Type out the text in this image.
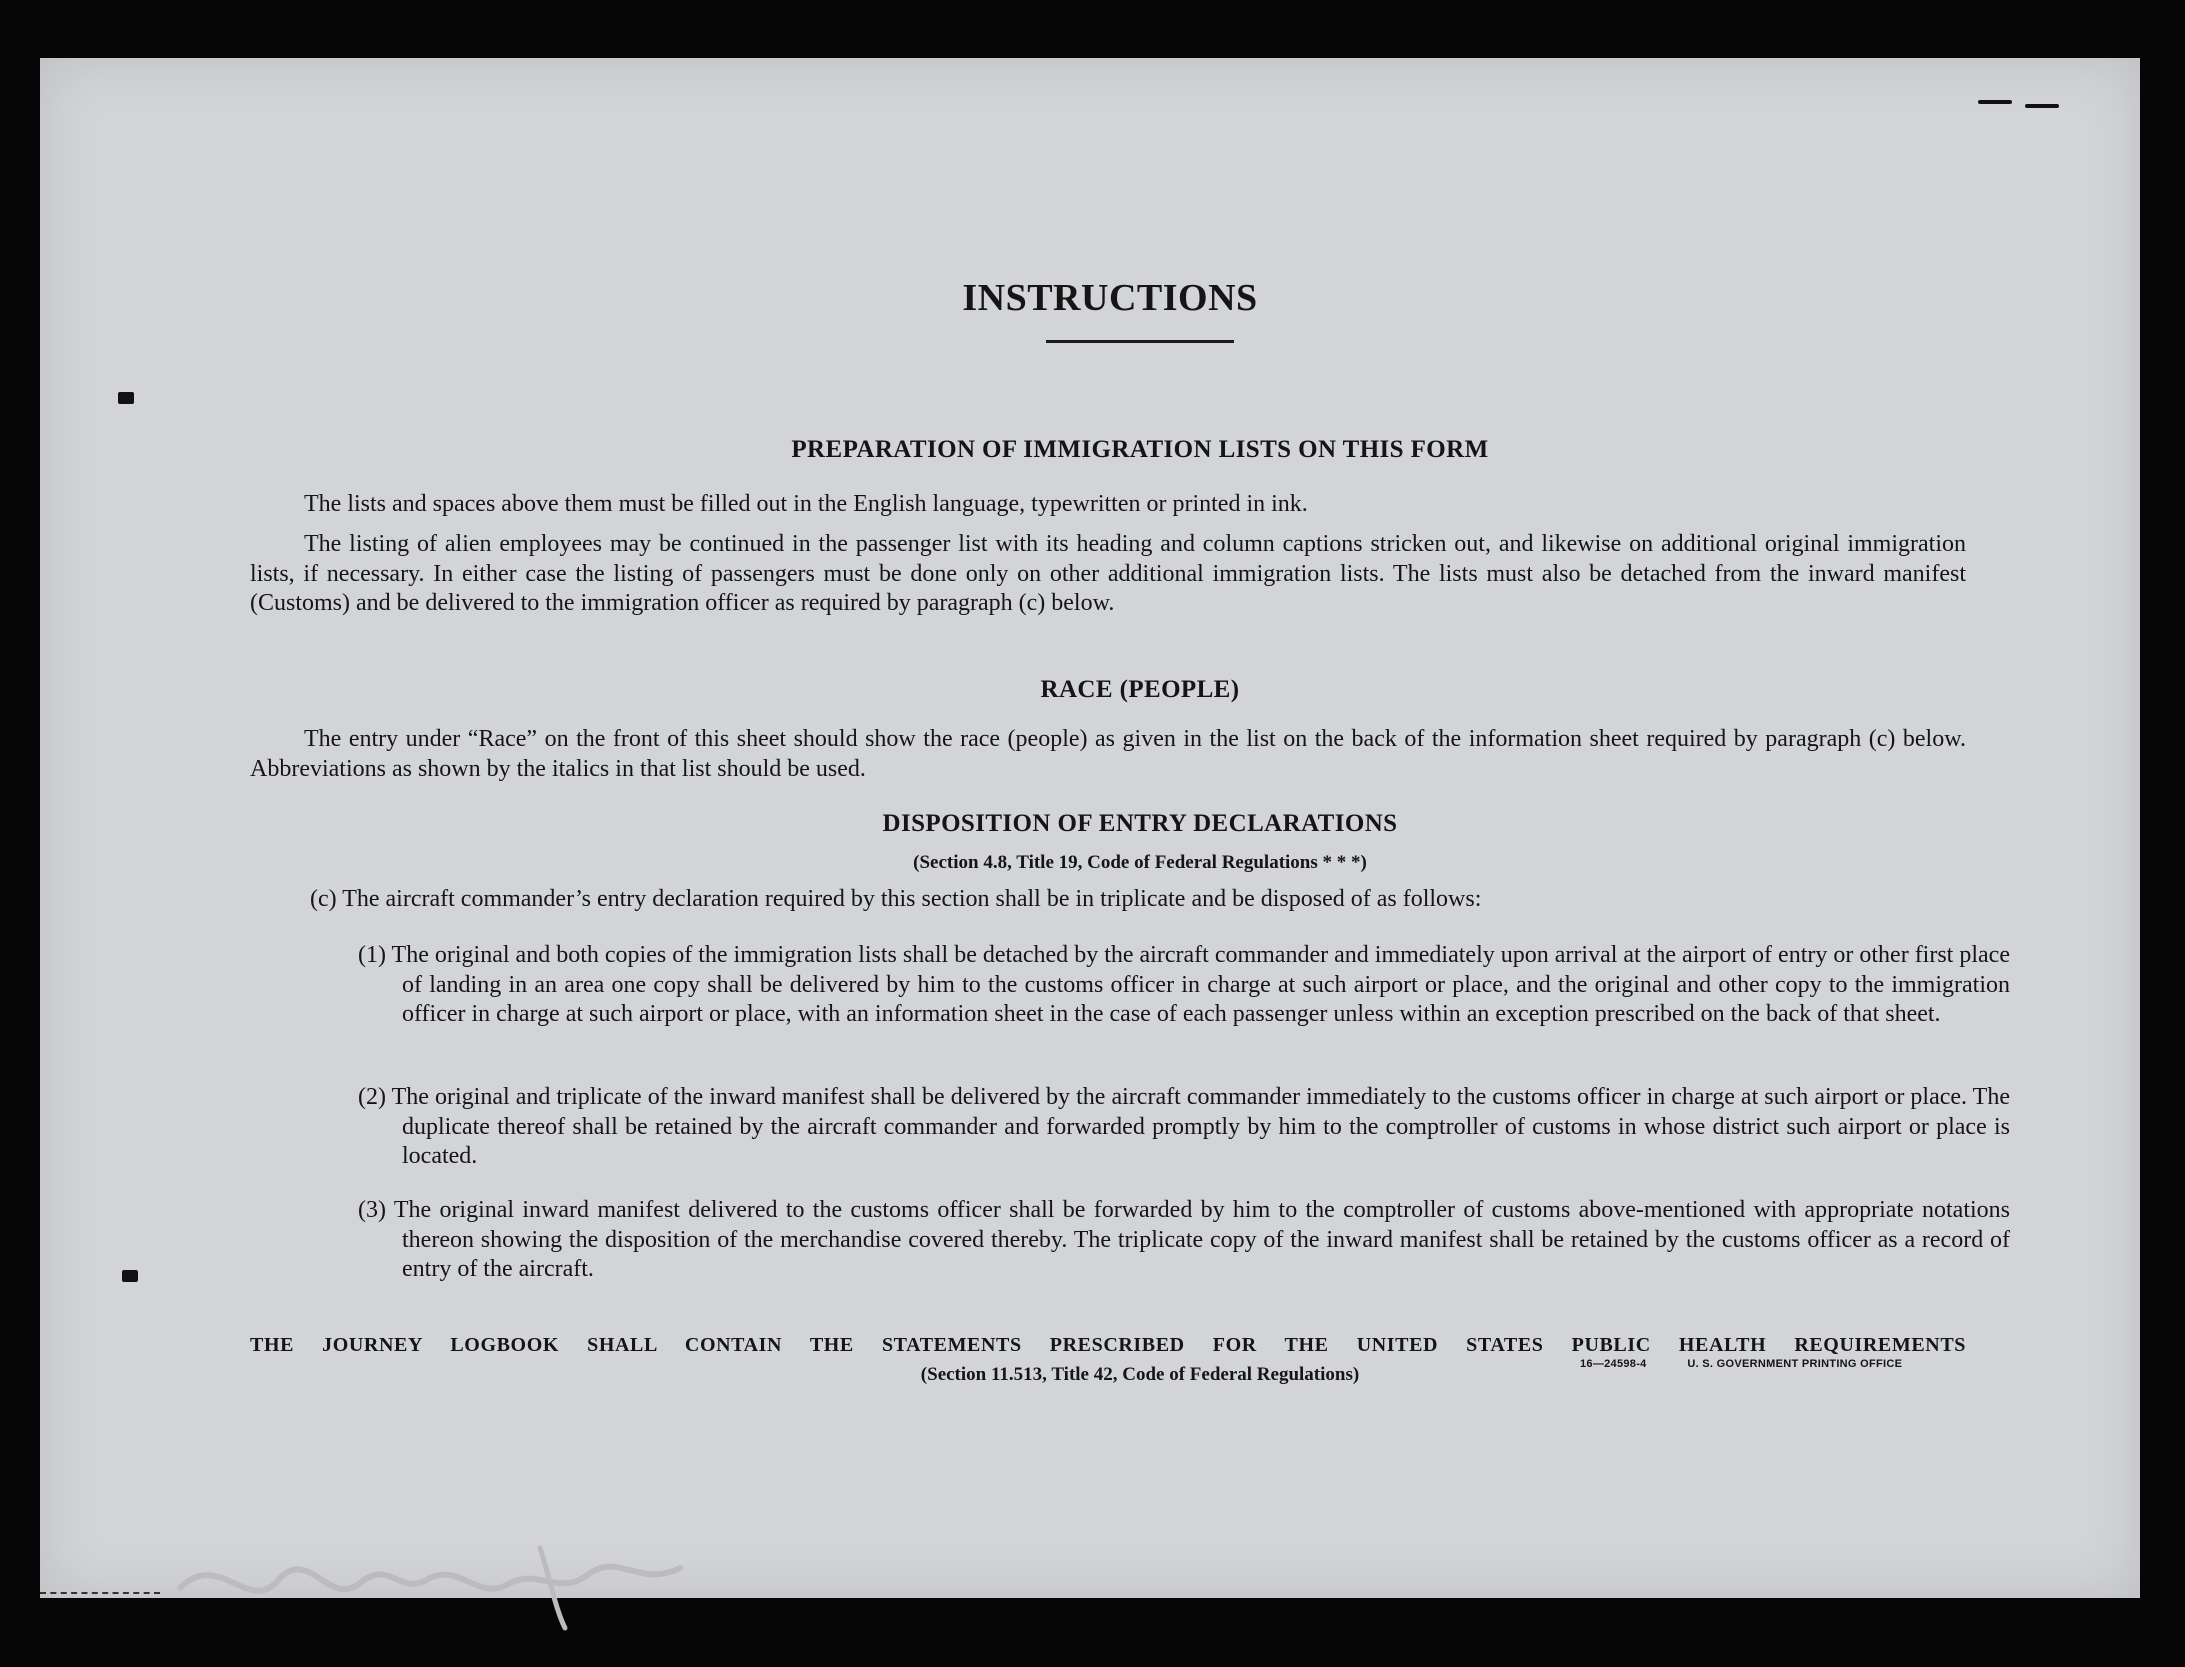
INSTRUCTIONS
PREPARATION OF IMMIGRATION LISTS ON THIS FORM
The lists and spaces above them must be filled out in the English language, typewritten or printed in ink.
The listing of alien employees may be continued in the passenger list with its heading and column captions stricken out, and likewise on additional original immigration lists, if necessary. In either case the listing of passengers must be done only on other additional immigration lists. The lists must also be detached from the inward manifest (Customs) and be delivered to the immigration officer as required by paragraph (c) below.
RACE (PEOPLE)
The entry under “Race” on the front of this sheet should show the race (people) as given in the list on the back of the information sheet required by paragraph (c) below. Abbreviations as shown by the italics in that list should be used.
DISPOSITION OF ENTRY DECLARATIONS
(Section 4.8, Title 19, Code of Federal Regulations * * *)
(c) The aircraft commander’s entry declaration required by this section shall be in triplicate and be disposed of as follows:
(1) The original and both copies of the immigration lists shall be detached by the aircraft commander and immediately upon arrival at the airport of entry or other first place of landing in an area one copy shall be delivered by him to the customs officer in charge at such airport or place, and the original and other copy to the immigration officer in charge at such airport or place, with an information sheet in the case of each passenger unless within an exception prescribed on the back of that sheet.
(2) The original and triplicate of the inward manifest shall be delivered by the aircraft commander immediately to the customs officer in charge at such airport or place. The duplicate thereof shall be retained by the aircraft commander and forwarded promptly by him to the comptroller of customs in whose district such airport or place is located.
(3) The original inward manifest delivered to the customs officer shall be forwarded by him to the comptroller of customs above-mentioned with appropriate notations thereon showing the disposition of the merchandise covered thereby. The triplicate copy of the inward manifest shall be retained by the customs officer as a record of entry of the aircraft.
THE JOURNEY LOGBOOK SHALL CONTAIN THE STATEMENTS PRESCRIBED FOR THE UNITED STATES PUBLIC HEALTH REQUIREMENTS
(Section 11.513, Title 42, Code of Federal Regulations)	16—24598-4	U. S. GOVERNMENT PRINTING OFFICE
